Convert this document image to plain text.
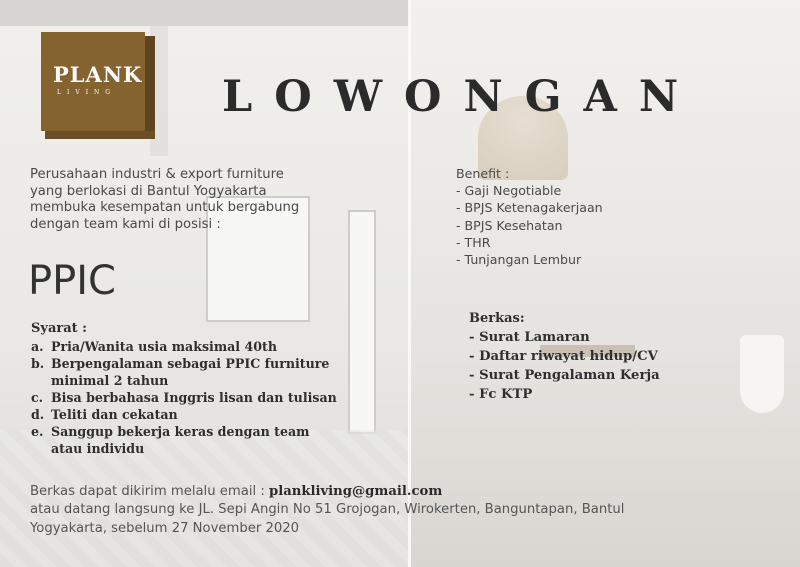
PLANK
LIVING LOWONGAN
Perusahaan industri & export furniture
yang berlokasi di Bantul Yogyakarta
membuka kesempatan untuk bergabung
dengan team kami di posisi :
PPIC
Syarat :
a. Pria/Wanita usia maksimal 40th
b. Berpengalaman sebagai PPIC furniture
minimal 2 tahun
c. Bisa berbahasa Inggris lisan dan tulisan
d. Teliti dan cekatan
e. Sanggup bekerja keras dengan team
atau individu
Benefit :
- Gaji Negotiable
- BPJS Ketenagakerjaan
- BPJS Kesehatan
- THR
- Tunjangan Lembur
Berkas:
- Surat Lamaran
- Daftar riwayat hidup/CV
- Surat Pengalaman Kerja
- Fc KTP
Berkas dapat dikirim melalu email : plankliving@gmail.com
atau datang langsung ke JL. Sepi Angin No 51 Grojogan, Wirokerten, Banguntapan, Bantul
Yogyakarta, sebelum 27 November 2020
